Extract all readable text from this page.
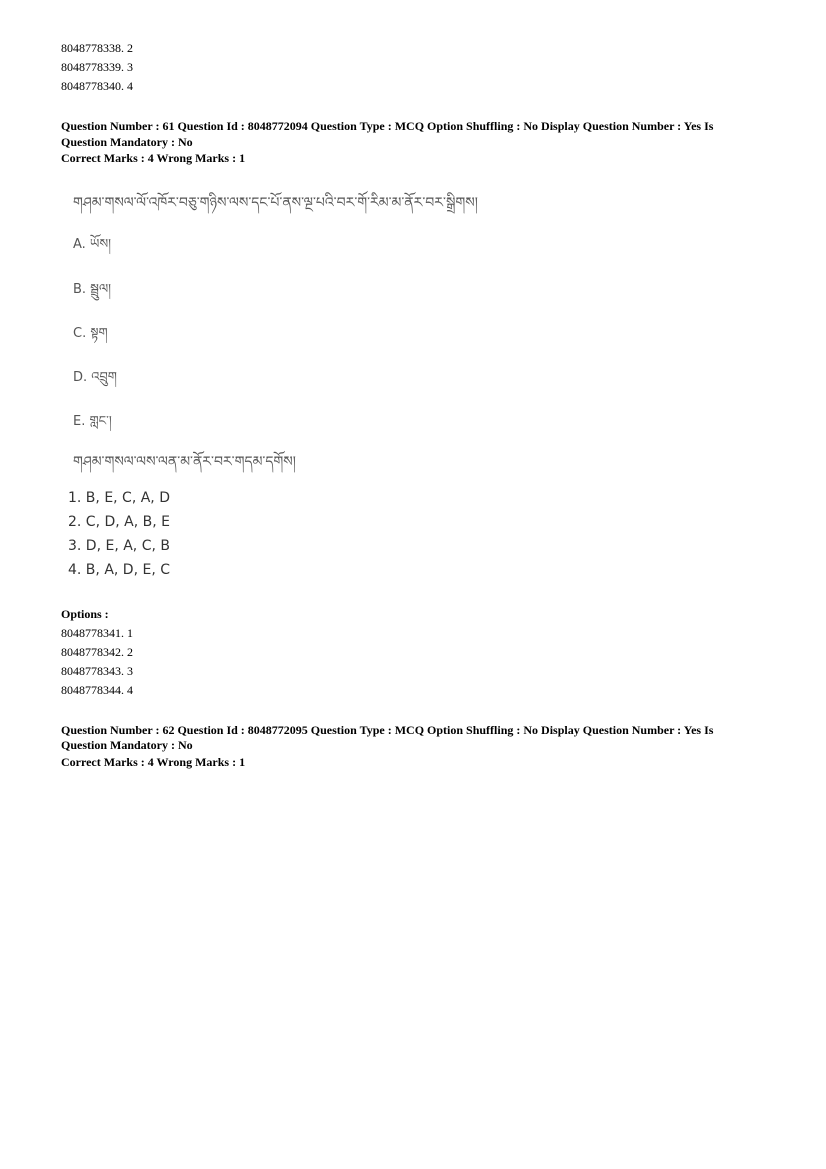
8048778338. 2
8048778339. 3
8048778340. 4
Question Number : 61 Question Id : 8048772094 Question Type : MCQ Option Shuffling : No Display Question Number : Yes Is
Question Mandatory : No
Correct Marks : 4 Wrong Marks : 1
གཤམ་གསལ་ལོ་འཁོར་བཅུ་གཉིས་ལས་དང་པོ་ནས་ལྔ་པའི་བར་གོ་རིམ་མ་ནོར་བར་སྒྲིགས།
A. ཡོས།
B. སྦྲུལ།
C. སྟག
D. འབྲུག
E. གླང་།
གཤམ་གསལ་ལས་ལན་མ་ནོར་བར་གདམ་དགོས།
1. B, E, C, A, D
2. C, D, A, B, E
3. D, E, A, C, B
4. B, A, D, E, C
Options :
8048778341. 1
8048778342. 2
8048778343. 3
8048778344. 4
Question Number : 62 Question Id : 8048772095 Question Type : MCQ Option Shuffling : No Display Question Number : Yes Is
Question Mandatory : No
Correct Marks : 4 Wrong Marks : 1
